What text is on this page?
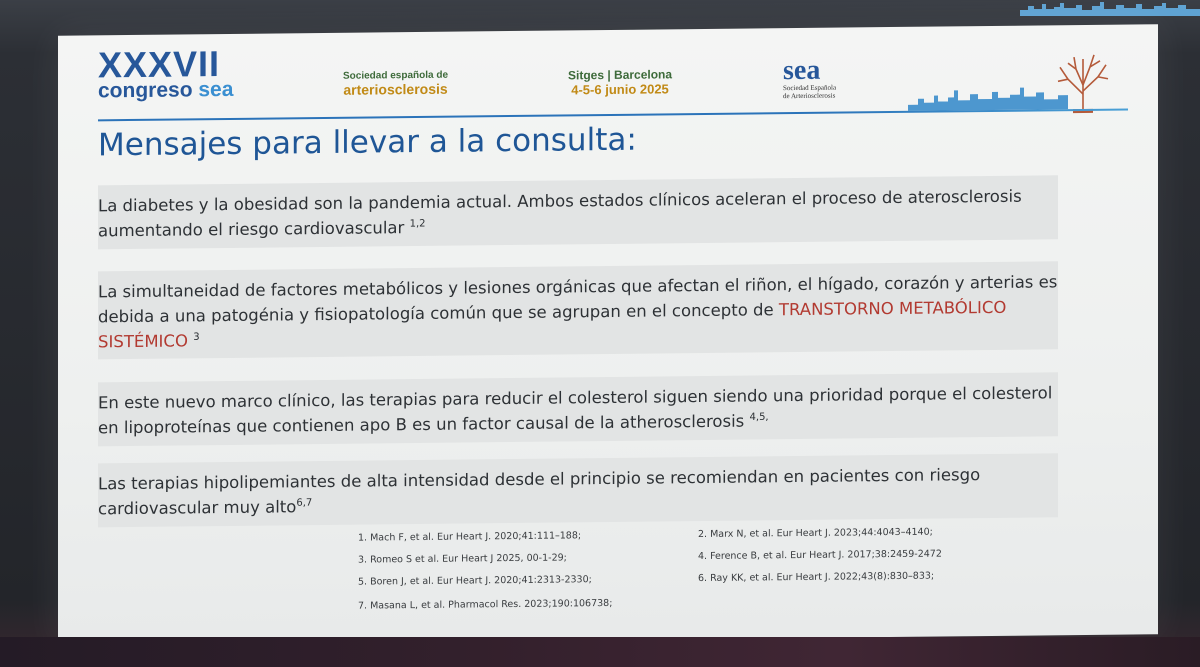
XXXVII
congreso sea
Sociedad española de
arteriosclerosis
Sitges | Barcelona
4-5-6 junio 2025
sea
Sociedad Española
de Arteriosclerosis
Mensajes para llevar a la consulta:
La diabetes y la obesidad son la pandemia actual. Ambos estados clínicos aceleran el proceso de aterosclerosis aumentando el riesgo cardiovascular $^{1,2}$
La simultaneidad de factores metabólicos y lesiones orgánicas que afectan el riñon, el hígado, corazón y arterias es debida a una patogénia y fisiopatología común que se agrupan en el concepto de TRANSTORNO METABÓLICO SISTÉMICO $^3$
En este nuevo marco clínico, las terapias para reducir el colesterol siguen siendo una prioridad porque el colesterol en lipoproteínas que contienen apo B es un factor causal de la atherosclerosis $^{4,5,}$
Las terapias hipolipemiantes de alta intensidad desde el principio se recomiendan en pacientes con riesgo cardiovascular muy alto$^{6,7}$
1. Mach F, et al. Eur Heart J. 2020;41:111–188;	2. Marx N, et al. Eur Heart J. 2023;44:4043–4140;
3. Romeo S et al. Eur Heart J 2025, 00-1-29;	4. Ference B, et al. Eur Heart J. 2017;38:2459-2472
5. Boren J, et al. Eur Heart J. 2020;41:2313-2330;	6. Ray KK, et al. Eur Heart J. 2022;43(8):830–833;
7. Masana L, et al. Pharmacol Res. 2023;190:106738;
